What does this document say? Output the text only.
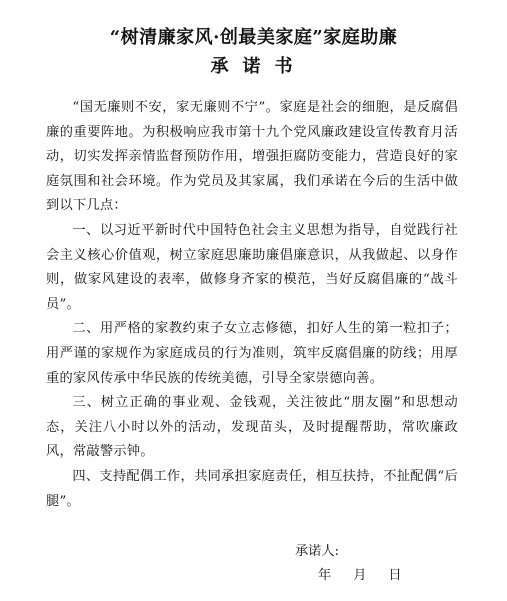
“树清廉家风·创最美家庭”家庭助廉
承诺书

“国无廉则不安，家无廉则不宁”。家庭是社会的细胞，是反腐倡廉的重要阵地。为积极响应我市第十九个党风廉政建设宣传教育月活动，切实发挥亲情监督预防作用，增强拒腐防变能力，营造良好的家庭氛围和社会环境。作为党员及其家属，我们承诺在今后的生活中做到以下几点：

一、以习近平新时代中国特色社会主义思想为指导，自觉践行社会主义核心价值观，树立家庭思廉助廉倡廉意识，从我做起、以身作则，做家风建设的表率，做修身齐家的模范，当好反腐倡廉的“战斗员”。

二、用严格的家教约束子女立志修德，扣好人生的第一粒扣子；用严谨的家规作为家庭成员的行为准则，筑牢反腐倡廉的防线；用厚重的家风传承中华民族的传统美德，引导全家崇德向善。

三、树立正确的事业观、金钱观，关注彼此“朋友圈”和思想动态，关注八小时以外的活动，发现苗头，及时提醒帮助，常吹廉政风，常敲警示钟。

四、支持配偶工作，共同承担家庭责任，相互扶持，不扯配偶“后腿”。

承诺人:
年 月 日
